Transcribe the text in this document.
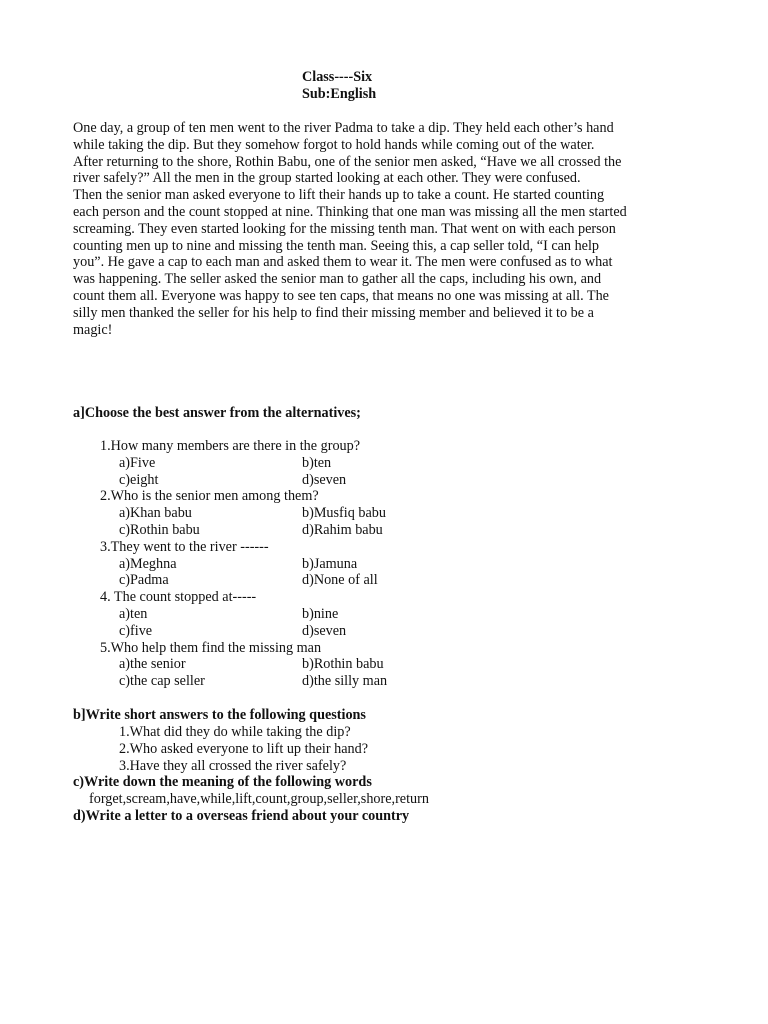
Class----Six
Sub:English

One day, a group of ten men went to the river Padma to take a dip. They held each other’s hand while taking the dip. But they somehow forgot to hold hands while coming out of the water.

After returning to the shore, Rothin Babu, one of the senior men asked, “Have we all crossed the river safely?” All the men in the group started looking at each other. They were confused.

Then the senior man asked everyone to lift their hands up to take a count. He started counting each person and the count stopped at nine. Thinking that one man was missing all the men started screaming. They even started looking for the missing tenth man. That went on with each person counting men up to nine and missing the tenth man. Seeing this, a cap seller told, “I can help you”. He gave a cap to each man and asked them to wear it. The men were confused as to what was happening. The seller asked the senior man to gather all the caps, including his own, and count them all. Everyone was happy to see ten caps, that means no one was missing at all. The silly men thanked the seller for his help to find their missing member and believed it to be a magic!

a]Choose the best answer from the alternatives;
1.How many members are there in the group?
a)Five	b)ten
c)eight	d)seven
2.Who is the senior men among them?
a)Khan babu	b)Musfiq babu
c)Rothin babu	d)Rahim babu
3.They went to the river ------
a)Meghna	b)Jamuna
c)Padma	d)None of all
4. The count stopped at-----
a)ten	b)nine
c)five	d)seven
5.Who help them find the missing man
a)the senior	b)Rothin babu
c)the cap seller	d)the silly man
b]Write short answers to the following questions
1.What did they do while taking the dip?
2.Who asked everyone to lift up their hand?
3.Have they all crossed the river safely?
c)Write down the meaning of the following words
forget,scream,have,while,lift,count,group,seller,shore,return
d)Write a letter to a overseas friend about your country
